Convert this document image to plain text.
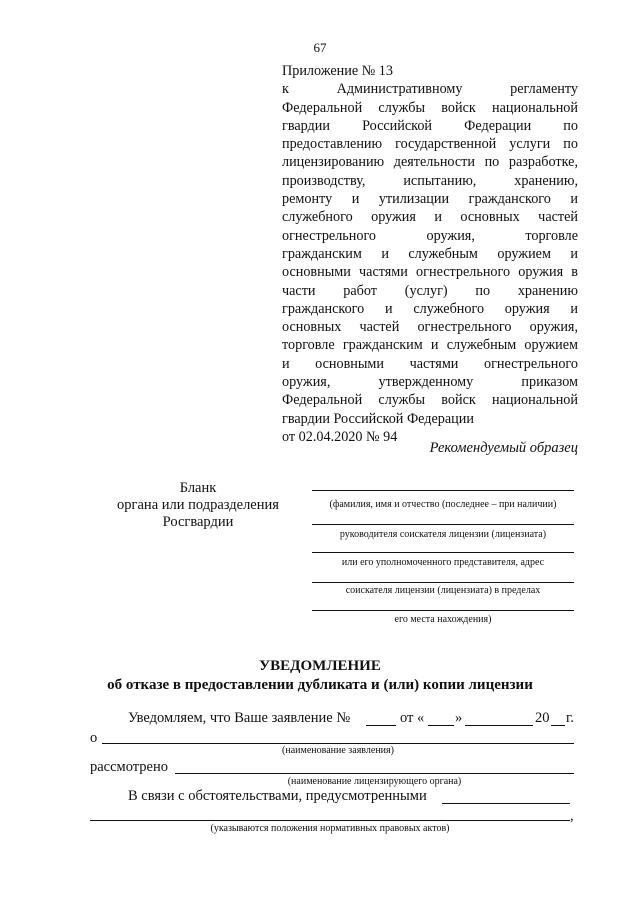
67
Приложение № 13
к Административному регламенту
Федеральной службы войск национальной
гвардии Российской Федерации по
предоставлению государственной услуги по
лицензированию деятельности по разработке,
производству, испытанию, хранению,
ремонту и утилизации гражданского и
служебного оружия и основных частей
огнестрельного оружия, торговле
гражданским и служебным оружием и
основными частями огнестрельного оружия в
части работ (услуг) по хранению
гражданского и служебного оружия и
основных частей огнестрельного оружия,
торговле гражданским и служебным оружием
и основными частями огнестрельного
оружия, утвержденному приказом
Федеральной службы войск национальной
гвардии Российской Федерации
от 02.04.2020 № 94
Рекомендуемый образец
Бланк
органа или подразделения
Росгвардии
(фамилия, имя и отчество (последнее – при наличии)
руководителя соискателя лицензии (лицензиата)
или его уполномоченного представителя, адрес
соискателя лицензии (лицензиата) в пределах
его места нахождения)
УВЕДОМЛЕНИЕ
об отказе в предоставлении дубликата и (или) копии лицензии
Уведомляем, что Ваше заявление №	от « »	20 г.
о
(наименование заявления)
рассмотрено
(наименование лицензирующего органа)
В связи с обстоятельствами, предусмотренными
,
(указываются положения нормативных правовых актов)
